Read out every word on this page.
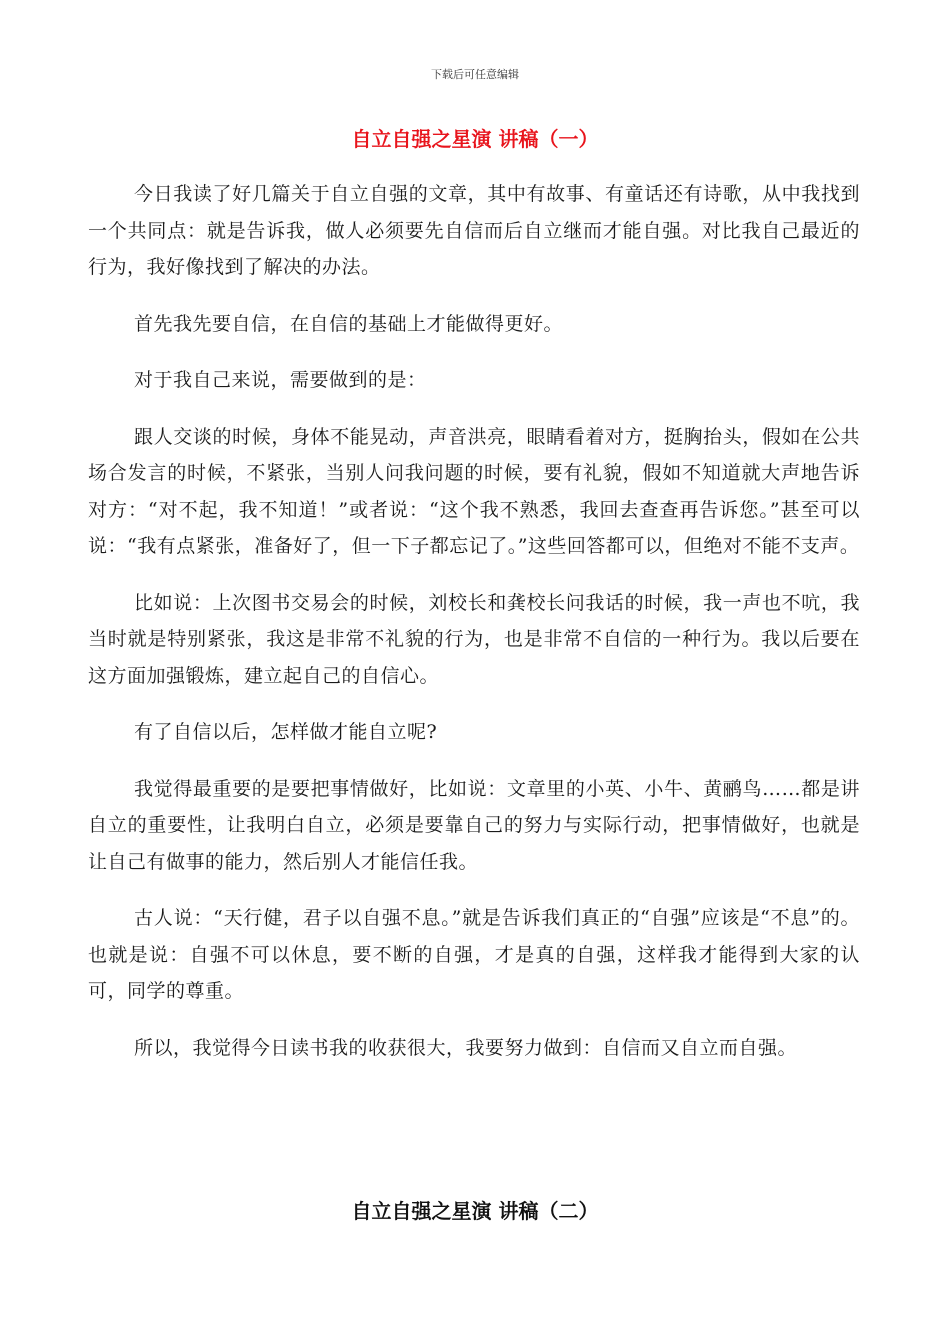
下载后可任意编辑
自立自强之星演 讲稿（一）

今日我读了好几篇关于自立自强的文章，其中有故事、有童话还有诗歌，从中我找到一个共同点：就是告诉我，做人必须要先自信而后自立继而才能自强。对比我自己最近的行为，我好像找到了解决的办法。

首先我先要自信，在自信的基础上才能做得更好。

对于我自己来说，需要做到的是：

跟人交谈的时候，身体不能晃动，声音洪亮，眼睛看着对方，挺胸抬头，假如在公共场合发言的时候，不紧张，当别人问我问题的时候，要有礼貌，假如不知道就大声地告诉对方：“对不起，我不知道！”或者说：“这个我不熟悉，我回去查查再告诉您。”甚至可以说：“我有点紧张，准备好了，但一下子都忘记了。”这些回答都可以，但绝对不能不支声。

比如说：上次图书交易会的时候，刘校长和龚校长问我话的时候，我一声也不吭，我当时就是特别紧张，我这是非常不礼貌的行为，也是非常不自信的一种行为。我以后要在这方面加强锻炼，建立起自己的自信心。

有了自信以后，怎样做才能自立呢?

我觉得最重要的是要把事情做好，比如说：文章里的小英、小牛、黄鹂鸟……都是讲自立的重要性，让我明白自立，必须是要靠自己的努力与实际行动，把事情做好，也就是让自己有做事的能力，然后别人才能信任我。

古人说：“天行健，君子以自强不息。”就是告诉我们真正的“自强”应该是“不息”的。也就是说：自强不可以休息，要不断的自强，才是真的自强，这样我才能得到大家的认可，同学的尊重。

所以，我觉得今日读书我的收获很大，我要努力做到：自信而又自立而自强。

自立自强之星演 讲稿（二）
